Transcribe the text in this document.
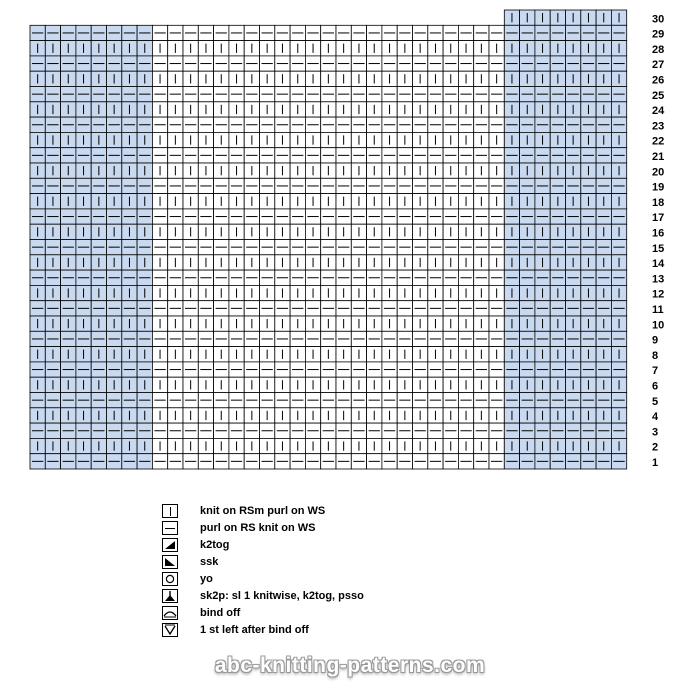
30
29
28
27
26
25
24
23
22
21
20
19
18
17
16
15
14
13
12
11
10
9
8
7
6
5
4
3
2
1
knit on RSm purl on WS
purl on RS knit on WS
k2tog
ssk
yo
sk2p: sl 1 knitwise, k2tog, psso
bind off
1 st left after bind off
abc-knitting-patterns.com
